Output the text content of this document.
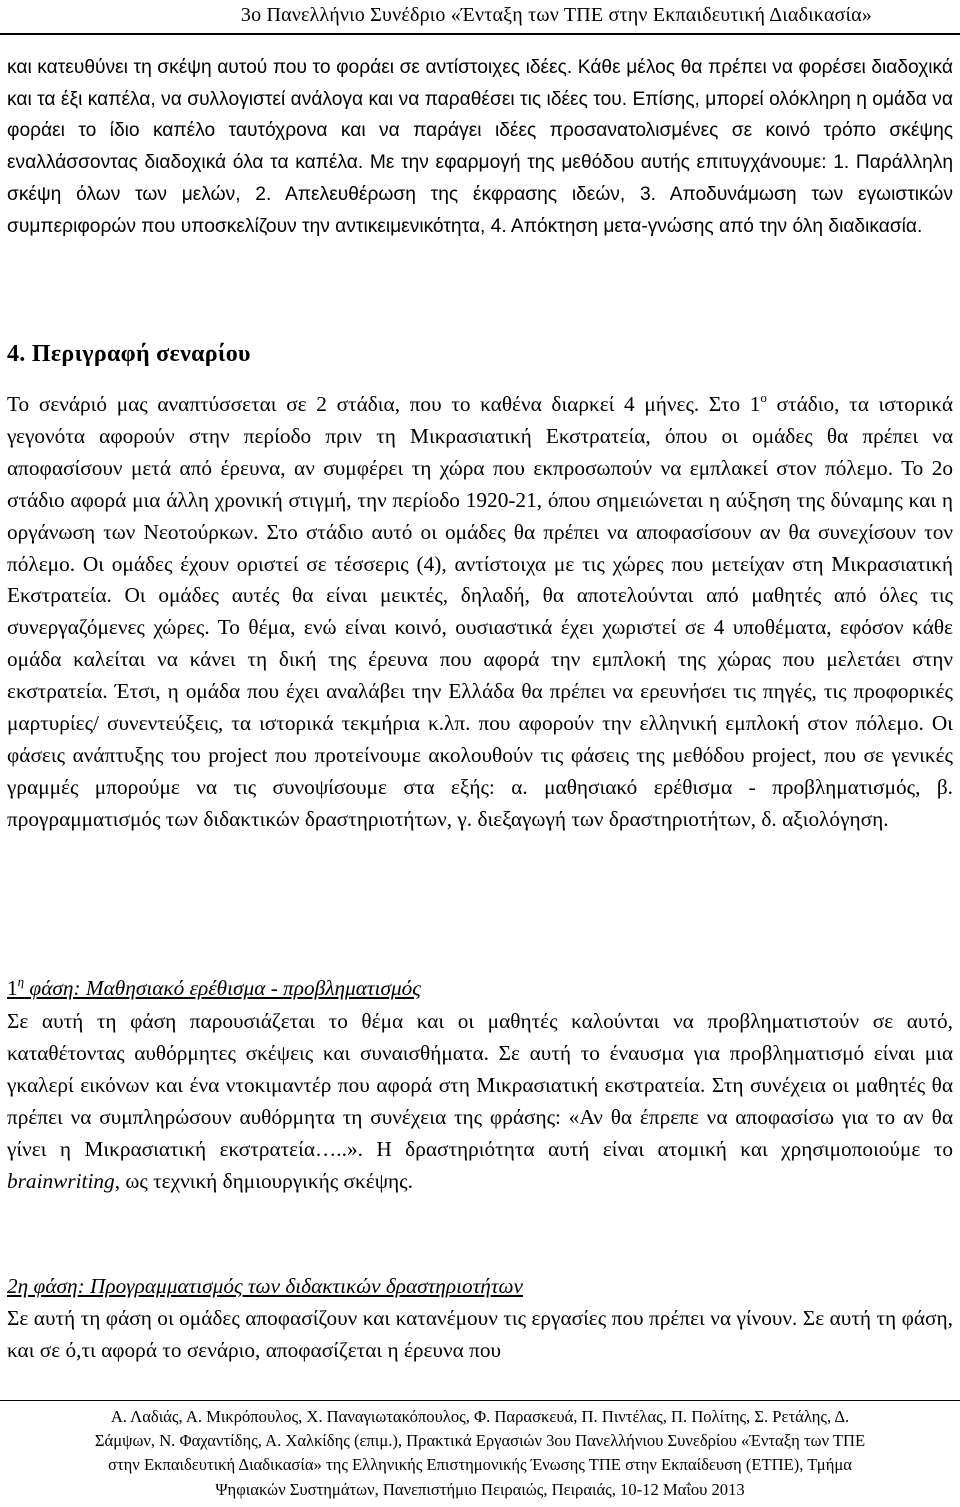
3ο Πανελλήνιο Συνέδριο «Ένταξη των ΤΠΕ στην Εκπαιδευτική Διαδικασία»

και κατευθύνει τη σκέψη αυτού που το φοράει σε αντίστοιχες ιδέες. Κάθε μέλος θα πρέπει να φορέσει διαδοχικά και τα έξι καπέλα, να συλλογιστεί ανάλογα και να παραθέσει τις ιδέες του. Επίσης, μπορεί ολόκληρη η ομάδα να φοράει το ίδιο καπέλο ταυτόχρονα και να παράγει ιδέες προσανατολισμένες σε κοινό τρόπο σκέψης εναλλάσσοντας διαδοχικά όλα τα καπέλα. Με την εφαρμογή της μεθόδου αυτής επιτυγχάνουμε: 1. Παράλληλη σκέψη όλων των μελών, 2. Απελευθέρωση της έκφρασης ιδεών, 3. Αποδυνάμωση των εγωιστικών συμπεριφορών που υποσκελίζουν την αντικειμενικότητα, 4. Απόκτηση μετα-γνώσης από την όλη διαδικασία.

4. Περιγραφή σεναρίου

Το σενάριό μας αναπτύσσεται σε 2 στάδια, που το καθένα διαρκεί 4 μήνες. Στο $1^o$ στάδιο, τα ιστορικά γεγονότα αφορούν στην περίοδο πριν τη Μικρασιατική Εκστρατεία, όπου οι ομάδες θα πρέπει να αποφασίσουν μετά από έρευνα, αν συμφέρει τη χώρα που εκπροσωπούν να εμπλακεί στον πόλεμο. Το 2ο στάδιο αφορά μια άλλη χρονική στιγμή, την περίοδο 1920-21, όπου σημειώνεται η αύξηση της δύναμης και η οργάνωση των Νεοτούρκων. Στο στάδιο αυτό οι ομάδες θα πρέπει να αποφασίσουν αν θα συνεχίσουν τον πόλεμο. Οι ομάδες έχουν οριστεί σε τέσσερις (4), αντίστοιχα με τις χώρες που μετείχαν στη Μικρασιατική Εκστρατεία. Οι ομάδες αυτές θα είναι μεικτές, δηλαδή, θα αποτελούνται από μαθητές από όλες τις συνεργαζόμενες χώρες. Το θέμα, ενώ είναι κοινό, ουσιαστικά έχει χωριστεί σε 4 υποθέματα, εφόσον κάθε ομάδα καλείται να κάνει τη δική της έρευνα που αφορά την εμπλοκή της χώρας που μελετάει στην εκστρατεία. Έτσι, η ομάδα που έχει αναλάβει την Ελλάδα θα πρέπει να ερευνήσει τις πηγές, τις προφορικές μαρτυρίες/ συνεντεύξεις, τα ιστορικά τεκμήρια κ.λπ. που αφορούν την ελληνική εμπλοκή στον πόλεμο. Οι φάσεις ανάπτυξης του project που προτείνουμε ακολουθούν τις φάσεις της μεθόδου project, που σε γενικές γραμμές μπορούμε να τις συνοψίσουμε στα εξής: α. μαθησιακό ερέθισμα - προβληματισμός, β. προγραμματισμός των διδακτικών δραστηριοτήτων, γ. διεξαγωγή των δραστηριοτήτων, δ. αξιολόγηση.

$1^\eta$ φάση: Μαθησιακό ερέθισμα - προβληματισμός

Σε αυτή τη φάση παρουσιάζεται το θέμα και οι μαθητές καλούνται να προβληματιστούν σε αυτό, καταθέτοντας αυθόρμητες σκέψεις και συναισθήματα. Σε αυτή το έναυσμα για προβληματισμό είναι μια γκαλερί εικόνων και ένα ντοκιμαντέρ που αφορά στη Μικρασιατική εκστρατεία. Στη συνέχεια οι μαθητές θα πρέπει να συμπληρώσουν αυθόρμητα τη συνέχεια της φράσης: «Αν θα έπρεπε να αποφασίσω για το αν θα γίνει η Μικρασιατική εκστρατεία…..». Η δραστηριότητα αυτή είναι ατομική και χρησιμοποιούμε το brainwriting, ως τεχνική δημιουργικής σκέψης.

2η φάση: Προγραμματισμός των διδακτικών δραστηριοτήτων

Σε αυτή τη φάση οι ομάδες αποφασίζουν και κατανέμουν τις εργασίες που πρέπει να γίνουν. Σε αυτή τη φάση, και σε ό,τι αφορά το σενάριο, αποφασίζεται η έρευνα που

Α. Λαδιάς, Α. Μικρόπουλος, Χ. Παναγιωτακόπουλος, Φ. Παρασκευά, Π. Πιντέλας, Π. Πολίτης, Σ. Ρετάλης, Δ.
Σάμψων, Ν. Φαχαντίδης, Α. Χαλκίδης (επιμ.), Πρακτικά Εργασιών 3ου Πανελλήνιου Συνεδρίου «Ένταξη των ΤΠΕ
στην Εκπαιδευτική Διαδικασία» της Ελληνικής Επιστημονικής Ένωσης ΤΠΕ στην Εκπαίδευση (ΕΤΠΕ), Τμήμα
Ψηφιακών Συστημάτων, Πανεπιστήμιο Πειραιώς, Πειραιάς, 10-12 Μαΐου 2013
